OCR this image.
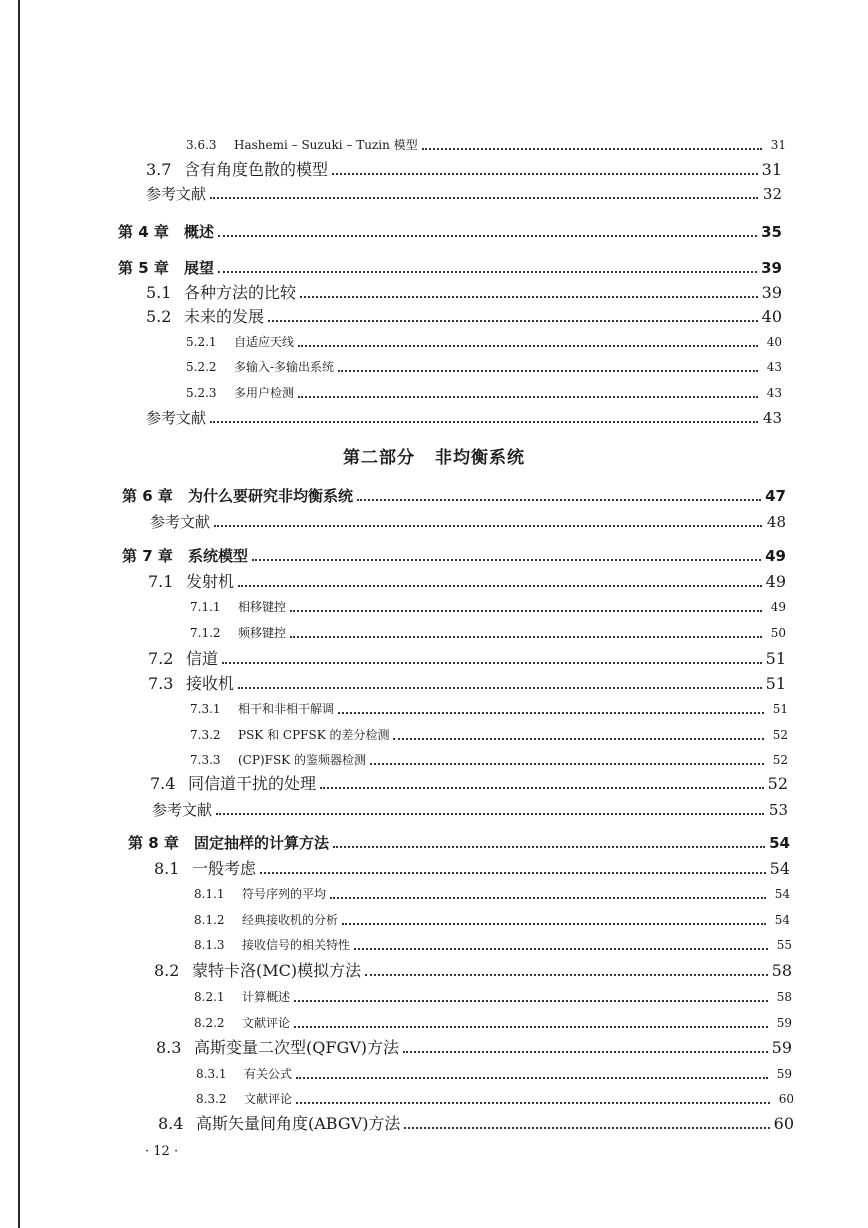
3.6.3	Hashemi – Suzuki – Tuzin 模型	31
3.7 含有角度色散的模型	31
参考文献	32
第 4 章	概述	35
第 5 章	展望	39
5.1 各种方法的比较	39
5.2 未来的发展	40
5.2.1	自适应天线	40
5.2.2	多输入-多输出系统	43
5.2.3	多用户检测	43
参考文献	43
第二部分 非均衡系统
第 6 章	为什么要研究非均衡系统	47
参考文献	48
第 7 章	系统模型	49
7.1 发射机	49
7.1.1	相移键控	49
7.1.2	频移键控	50
7.2 信道	51
7.3 接收机	51
7.3.1	相干和非相干解调	51
7.3.2	PSK 和 CPFSK 的差分检测	52
7.3.3	(CP)FSK 的鉴频器检测	52
7.4 同信道干扰的处理	52
参考文献	53
第 8 章	固定抽样的计算方法	54
8.1 一般考虑	54
8.1.1	符号序列的平均	54
8.1.2	经典接收机的分析	54
8.1.3	接收信号的相关特性	55
8.2 蒙特卡洛(MC)模拟方法	58
8.2.1	计算概述	58
8.2.2	文献评论	59
8.3 高斯变量二次型(QFGV)方法	59
8.3.1	有关公式	59
8.3.2	文献评论	60
8.4 高斯矢量间角度(ABGV)方法	60
· 12 ·
